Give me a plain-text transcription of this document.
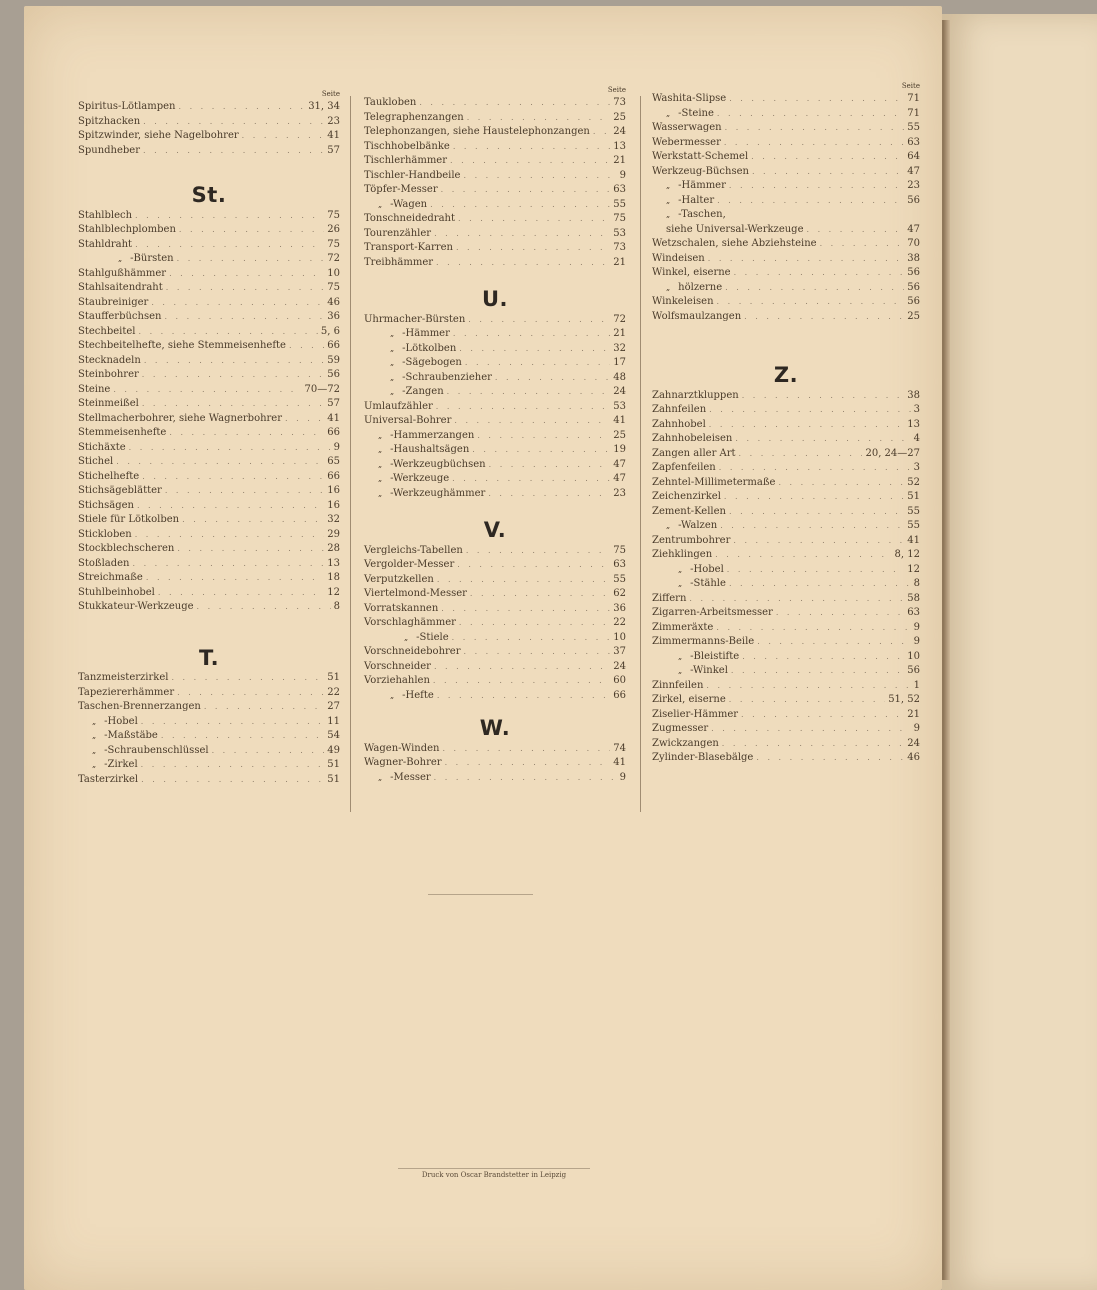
Seite
Spiritus-Lötlampen . . .	31, 34
Spitzhacken . . .	23
Spitzwinder, siehe Nagelbohrer . . .	41
Spundheber . . .	57
St.
Stahlblech . . .	75
Stahlblechplomben . . .	26
Stahldraht . . .	75
„ -Bürsten . . .	72
Stahlgußhämmer . . .	10
Stahlsaitendraht . . .	75
Staubreiniger . . .	46
Staufferbüchsen . . .	36
Stechbeitel . . .	5, 6
Stechbeitelhefte, siehe Stemmeisenhefte . . .	66
Stecknadeln . . .	59
Steinbohrer . . .	56
Steine . . .	70—72
Steinmeißel . . .	57
Stellmacherbohrer, siehe Wagnerbohrer . . .	41
Stemmeisenhefte . . .	66
Stichäxte . . .	9
Stichel . . .	65
Stichelhefte . . .	66
Stichsägeblätter . . .	16
Stichsägen . . .	16
Stiele für Lötkolben . . .	32
Stickloben . . .	29
Stockblechscheren . . .	28
Stoßladen . . .	13
Streichmaße . . .	18
Stuhlbeinhobel . . .	12
Stukkateur-Werkzeuge . . .	8
T.
Tanzmeisterzirkel . . .	51
Tapeziererhämmer . . .	22
Taschen-Brennerzangen . . .	27
„ -Hobel . . .	11
„ -Maßstäbe . . .	54
„ -Schraubenschlüssel . . .	49
„ -Zirkel . . .	51
Tasterzirkel . . .	51
Seite
Taukloben . . .	73
Telegraphenzangen . . .	25
Telephonzangen, siehe Haustelephonzangen . . . 24
Tischhobelbänke . . .	13
Tischlerhämmer . . .	21
Tischler-Handbeile . . .	9
Töpfer-Messer . . .	63
„ -Wagen . . .	55
Tonschneidedraht . . .	75
Tourenzähler . . .	53
Transport-Karren . . .	73
Treibhämmer . . .	21
U.
Uhrmacher-Bürsten . . .	72
„ -Hämmer . . .	21
„ -Lötkolben . . .	32
„ -Sägebogen . . .	17
„ -Schraubenzieher . . .	48
„ -Zangen . . .	24
Umlaufzähler . . .	53
Universal-Bohrer . . .	41
„ -Hammerzangen . . .	25
„ -Haushaltsägen . . .	19
„ -Werkzeugbüchsen . . .	47
„ -Werkzeuge . . .	47
„ -Werkzeughämmer . . .	23
V.
Vergleichs-Tabellen . . .	75
Vergolder-Messer . . .	63
Verputzkellen . . .	55
Viertelmond-Messer . . .	62
Vorratskannen . . .	36
Vorschlaghämmer . . .	22
„ -Stiele . . .	10
Vorschneidebohrer . . .	37
Vorschneider . . .	24
Vorziehahlen . . .	60
„ -Hefte . . .	66
W.
Wagen-Winden . . .	74
Wagner-Bohrer . . .	41
„ -Messer . . .	9
Seite
Washita-Slipse . . .	71
„ -Steine . . .	71
Wasserwagen . . .	55
Webermesser . . .	63
Werkstatt-Schemel . . .	64
Werkzeug-Büchsen . . .	47
„ -Hämmer . . .	23
„ -Halter . . .	56
„ -Taschen,
siehe Universal-Werkzeuge . . .	47
Wetzschalen, siehe Abziehsteine . . .	70
Windeisen . . .	38
Winkel, eiserne . . .	56
„ hölzerne . . .	56
Winkeleisen . . .	56
Wolfsmaulzangen . . .	25
Z.
Zahnarztkluppen . . .	38
Zahnfeilen . . .	3
Zahnhobel . . .	13
Zahnhobeleisen . . .	4
Zangen aller Art . . .	20, 24—27
Zapfenfeilen . . .	3
Zehntel-Millimetermaße . . .	52
Zeichenzirkel . . .	51
Zement-Kellen . . .	55
„ -Walzen . . .	55
Zentrumbohrer . . .	41
Ziehklingen . . .	8, 12
„ -Hobel . . .	12
„ -Stähle . . .	8
Ziffern . . .	58
Zigarren-Arbeitsmesser . . .	63
Zimmeräxte . . .	9
Zimmermanns-Beile . . .	9
„ -Bleistifte . . .	10
„ -Winkel . . .	56
Zinnfeilen . . .	1
Zirkel, eiserne . . .	51, 52
Ziselier-Hämmer . . .	21
Zugmesser . . .	9
Zwickzangen . . .	24
Zylinder-Blasebälge . . .	46
Druck von Oscar Brandstetter in Leipzig
